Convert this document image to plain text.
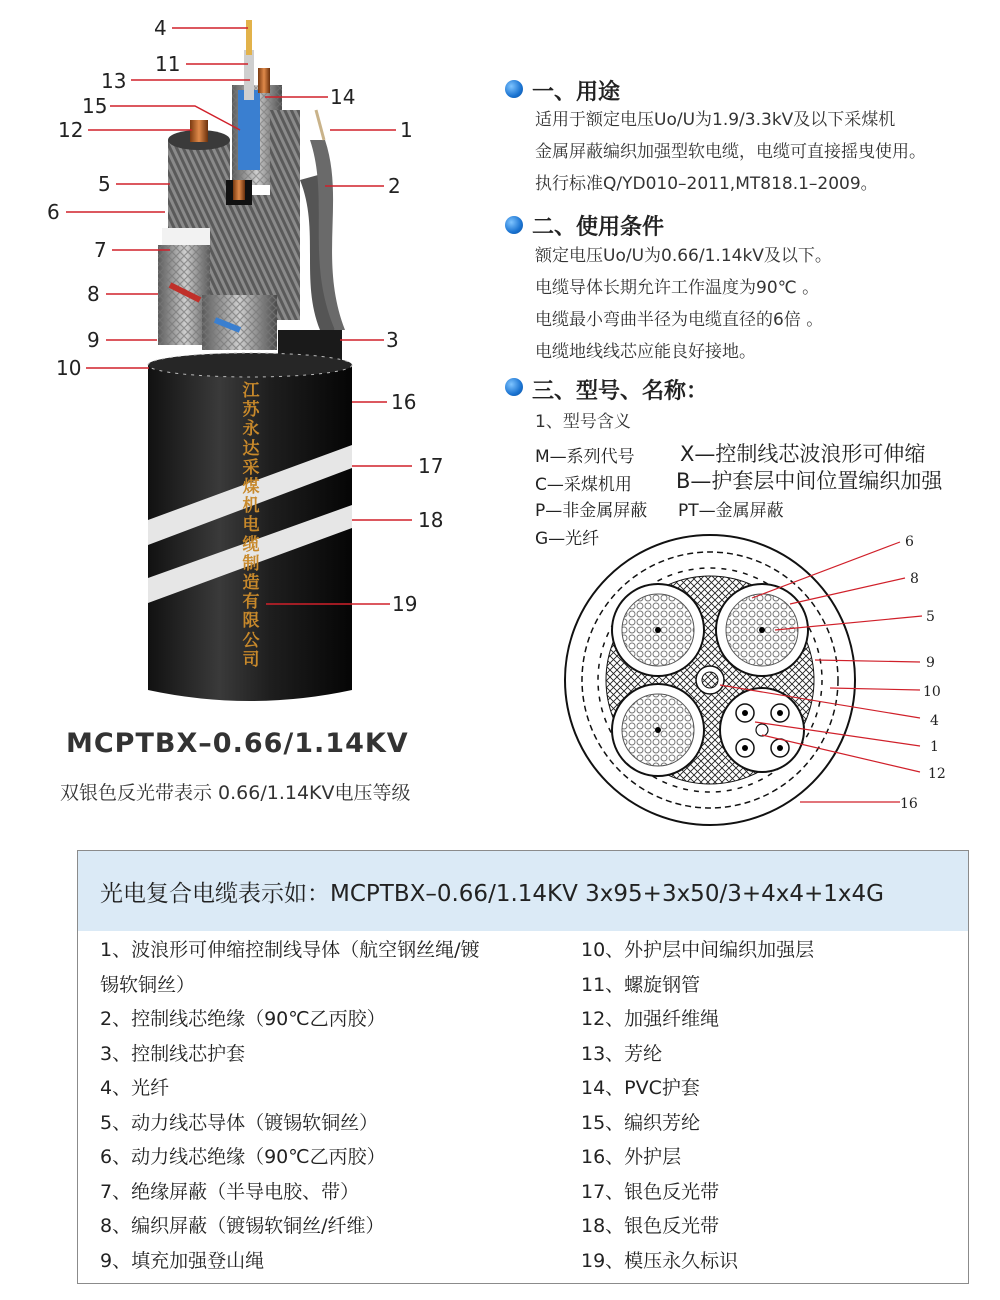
4
11
13
15
12
5
6
7
8
9
10
14
1
2
3
16
17
18
19
江苏永达采煤机电缆制造有限公司
MCPTBX–0.66/1.14KV
双银色反光带表示 0.66/1.14KV电压等级
一、用途
适用于额定电压Uo/U为1.9/3.3kV及以下采煤机
金属屏蔽编织加强型软电缆，电缆可直接摇曳使用。
执行标准Q/YD010–2011,MT818.1–2009。
二、使用条件
额定电压Uo/U为0.66/1.14kV及以下。
电缆导体长期允许工作温度为90℃ 。
电缆最小弯曲半径为电缆直径的6倍 。
电缆地线线芯应能良好接地。
三、型号、名称：
1、型号含义
M—系列代号 X—控制线芯波浪形可伸缩
C—采煤机用 B—护套层中间位置编织加强
P—非金属屏蔽 PT—金属屏蔽
G—光纤	6
8
5
9
10
4
1
12
16
光电复合电缆表示如：MCPTBX–0.66/1.14KV 3x95+3x50/3+4x4+1x4G
1、波浪形可伸缩控制线导体（航空钢丝绳/镀
锡软铜丝）
2、控制线芯绝缘（90℃乙丙胶）
3、控制线芯护套
4、光纤
5、动力线芯导体（镀锡软铜丝）
6、动力线芯绝缘（90℃乙丙胶）
7、绝缘屏蔽（半导电胶、带）
8、编织屏蔽（镀锡软铜丝/纤维）
9、填充加强登山绳
10、外护层中间编织加强层
11、螺旋钢管
12、加强纤维绳
13、芳纶
14、PVC护套
15、编织芳纶
16、外护层
17、银色反光带
18、银色反光带
19、模压永久标识
